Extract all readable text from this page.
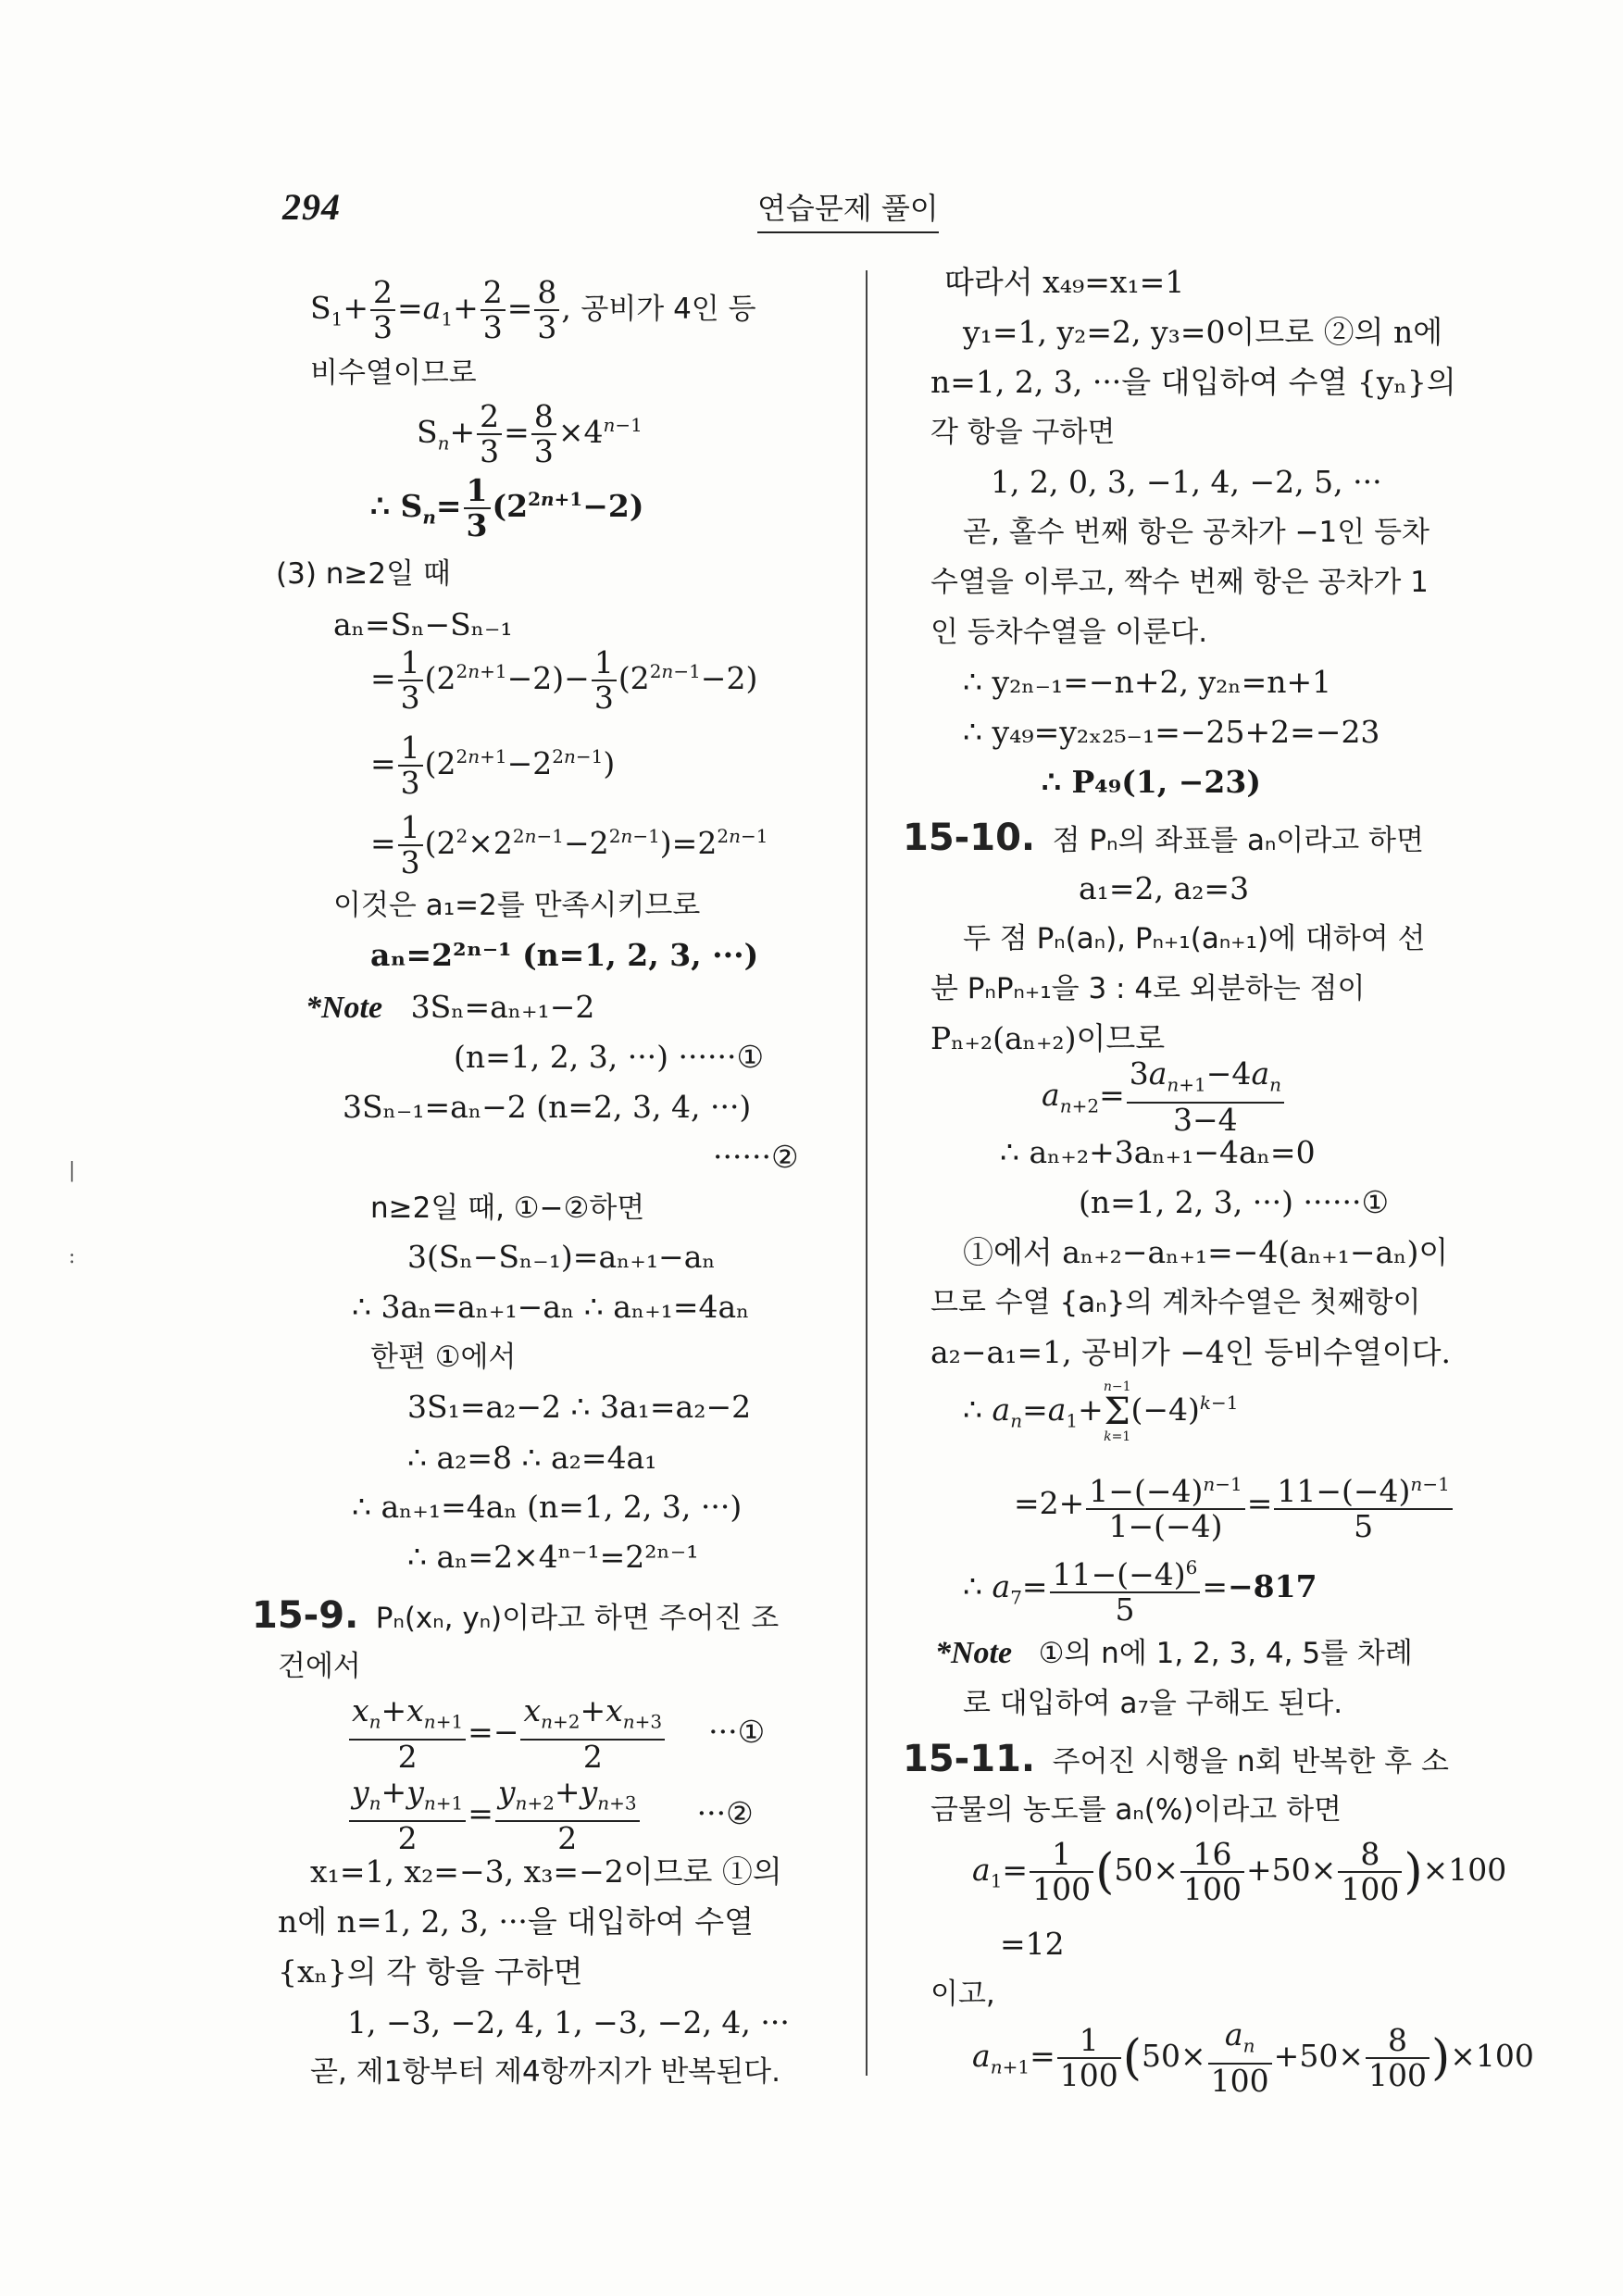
294	연습문제 풀이
$S_1+ \frac{2}{3} =a_1+ \frac{2}{3} = \frac{8}{3}$ , 공비가 4인 등
비수열이므로
$S_n+ \frac{2}{3} = \frac{8}{3} \times 4^{n-1}$
∴ $S_n= \frac{1}{3} (2^{2n+1}-2)$
(3) n≥2일 때
aₙ=Sₙ−Sₙ₋₁
= $\frac{1}{3} (2^{2n+1}-2)- \frac{1}{3} (2^{2n-1}-2)$
= $\frac{1}{3} (2^{2n+1}-2^{2n-1})$
= $\frac{1}{3} (2^2\times 2^{2n-1}-2^{2n-1})=2^{2n-1}$
이것은 a₁=2를 만족시키므로
aₙ=2²ⁿ⁻¹ (n=1, 2, 3, ···)
*Note 3Sₙ=aₙ₊₁−2
(n=1, 2, 3, ···) ······①
3Sₙ₋₁=aₙ−2 (n=2, 3, 4, ···)
······②
n≥2일 때, ①−②하면
3(Sₙ−Sₙ₋₁)=aₙ₊₁−aₙ
∴ 3aₙ=aₙ₊₁−aₙ ∴ aₙ₊₁=4aₙ
한편 ①에서
3S₁=a₂−2 ∴ 3a₁=a₂−2
∴ a₂=8 ∴ a₂=4a₁
∴ aₙ₊₁=4aₙ (n=1, 2, 3, ···)
∴ aₙ=2×4ⁿ⁻¹=2²ⁿ⁻¹
15-9. Pₙ(xₙ, yₙ)이라고 하면 주어진 조
건에서
$\frac{x_n+x_{n+1}}{2} =- \frac{x_{n+2}+x_{n+3}}{2}$ ···①
$\frac{y_n+y_{n+1}}{2} = \frac{y_{n+2}+y_{n+3}}{2}$ ···②
x₁=1, x₂=−3, x₃=−2이므로 ①의
n에 n=1, 2, 3, ···을 대입하여 수열
{xₙ}의 각 항을 구하면
1, −3, −2, 4, 1, −3, −2, 4, ···
곧, 제1항부터 제4항까지가 반복된다.
따라서 x₄₉=x₁=1
y₁=1, y₂=2, y₃=0이므로 ②의 n에
n=1, 2, 3, ···을 대입하여 수열 {yₙ}의
각 항을 구하면
1, 2, 0, 3, −1, 4, −2, 5, ···
곧, 홀수 번째 항은 공차가 −1인 등차
수열을 이루고, 짝수 번째 항은 공차가 1
인 등차수열을 이룬다.
∴ y₂ₙ₋₁=−n+2, y₂ₙ=n+1
∴ y₄₉=y₂ₓ₂₅₋₁=−25+2=−23
∴ P₄₉(1, −23)
15-10. 점 Pₙ의 좌표를 aₙ이라고 하면
a₁=2, a₂=3
두 점 Pₙ(aₙ), Pₙ₊₁(aₙ₊₁)에 대하여 선
분 PₙPₙ₊₁을 3 : 4로 외분하는 점이
Pₙ₊₂(aₙ₊₂)이므로
$a_{n+2}= \frac{3a_{n+1}-4a_n}{3-4}$
∴ aₙ₊₂+3aₙ₊₁−4aₙ=0
(n=1, 2, 3, ···) ······①
①에서 aₙ₊₂−aₙ₊₁=−4(aₙ₊₁−aₙ)이
므로 수열 {aₙ}의 계차수열은 첫째항이
a₂−a₁=1, 공비가 −4인 등비수열이다.
∴ $a_n=a_1+n-1$
Σ
$k=1(-4)^{k-1}$
$=2+ \frac{1-(-4)^{n-1}}{1-(-4)} = \frac{11-(-4)^{n-1}}{5}$
∴ $a_7= \frac{11-(-4)^6}{5} =-817$
*Note ①의 n에 1, 2, 3, 4, 5를 차례
로 대입하여 a₇을 구해도 된다.
15-11. 주어진 시행을 n회 반복한 후 소
금물의 농도를 aₙ(%)이라고 하면
$a_1= \frac{1}{100} (50\times \frac{16}{100} +50\times \frac{8}{100} )\times 100$
=12
이고,
$a_{n+1}= \frac{1}{100} (50\times \frac{a_n}{100} +50\times \frac{8}{100} )\times 100$
|
:
